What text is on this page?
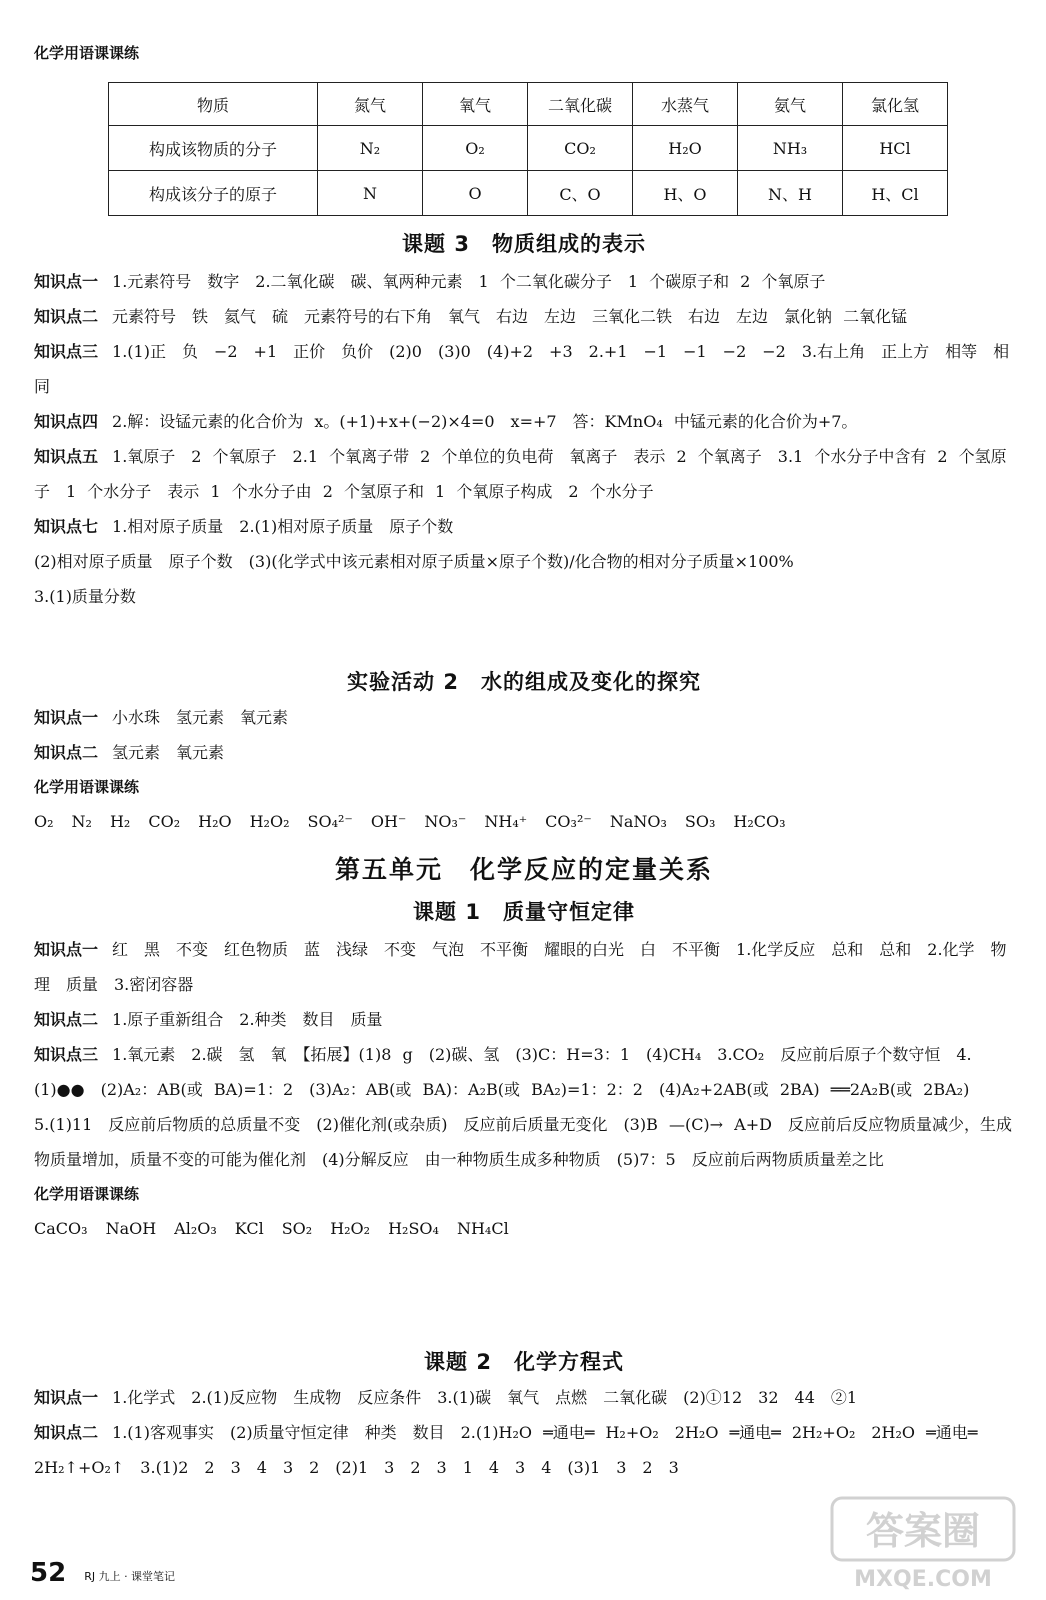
化学用语课课练
物质	氮气	氧气	二氧化碳	水蒸气	氨气	氯化氢
构成该物质的分子	N₂	O₂	CO₂	H₂O	NH₃	HCl
构成该分子的原子	N	O	C、O	H、O	N、H	H、Cl
课题 3　物质组成的表示
知识点一 1.元素符号　数字　2.二氧化碳　碳、氧两种元素　1 个二氧化碳分子　1 个碳原子和 2 个氧原子
知识点二 元素符号　铁　氦气　硫　元素符号的右下角　氧气　右边　左边　三氧化二铁　右边　左边　氯化钠 二氧化锰
知识点三 1.(1)正　负　−2　+1　正价　负价　(2)0　(3)0　(4)+2　+3　2.+1　−1　−1　−2　−2　3.右上角　正上方　相等　相同
知识点四 2.解：设锰元素的化合价为 x。(+1)+x+(−2)×4=0　x=+7　答：KMnO₄ 中锰元素的化合价为+7。
知识点五 1.氧原子　2 个氧原子　2.1 个氧离子带 2 个单位的负电荷　氧离子　表示 2 个氧离子　3.1 个水分子中含有 2 个氢原子　1 个水分子　表示 1 个水分子由 2 个氢原子和 1 个氧原子构成　2 个水分子
知识点七 1.相对原子质量　2.(1)相对原子质量　原子个数
(2)相对原子质量　原子个数　(3)(化学式中该元素相对原子质量×原子个数)/化合物的相对分子质量×100%
3.(1)质量分数
实验活动 2　水的组成及变化的探究
知识点一 小水珠　氢元素　氧元素
知识点二 氢元素　氧元素
化学用语课课练
O₂ N₂ H₂ CO₂ H₂O H₂O₂ SO₄²⁻ OH⁻ NO₃⁻ NH₄⁺ CO₃²⁻ NaNO₃ SO₃ H₂CO₃
第五单元　化学反应的定量关系
课题 1　质量守恒定律
知识点一 红　黑　不变　红色物质　蓝　浅绿　不变　气泡　不平衡　耀眼的白光　白　不平衡　1.化学反应　总和　总和　2.化学　物理　质量　3.密闭容器
知识点二 1.原子重新组合　2.种类　数目　质量
知识点三 1.氧元素　2.碳　氢　氧　【拓展】(1)8 g　(2)碳、氢　(3)C：H=3：1　(4)CH₄　3.CO₂　反应前后原子个数守恒　4.(1)●●　(2)A₂：AB(或 BA)=1：2　(3)A₂：AB(或 BA)：A₂B(或 BA₂)=1：2：2　(4)A₂+2AB(或 2BA) ══2A₂B(或 2BA₂)
5.(1)11　反应前后物质的总质量不变　(2)催化剂(或杂质)　反应前后质量无变化　(3)B —(C)→ A+D　反应前后反应物质量减少，生成物质量增加，质量不变的可能为催化剂　(4)分解反应　由一种物质生成多种物质　(5)7：5　反应前后两物质质量差之比
化学用语课课练
CaCO₃ NaOH Al₂O₃ KCl SO₂ H₂O₂ H₂SO₄ NH₄Cl
课题 2　化学方程式
知识点一 1.化学式　2.(1)反应物　生成物　反应条件　3.(1)碳　氧气　点燃　二氧化碳　(2)①12　32　44　②1
知识点二 1.(1)客观事实　(2)质量守恒定律　种类　数目　2.(1)H₂O ═通电═ H₂+O₂　2H₂O ═通电═ 2H₂+O₂　2H₂O ═通电═ 2H₂↑+O₂↑　3.(1)2　2　3　4　3　2　(2)1　3　2　3　1　4　3　4　(3)1　3　2　3
52 RJ 九上 · 课堂笔记
答案圈
MXQE.COM
